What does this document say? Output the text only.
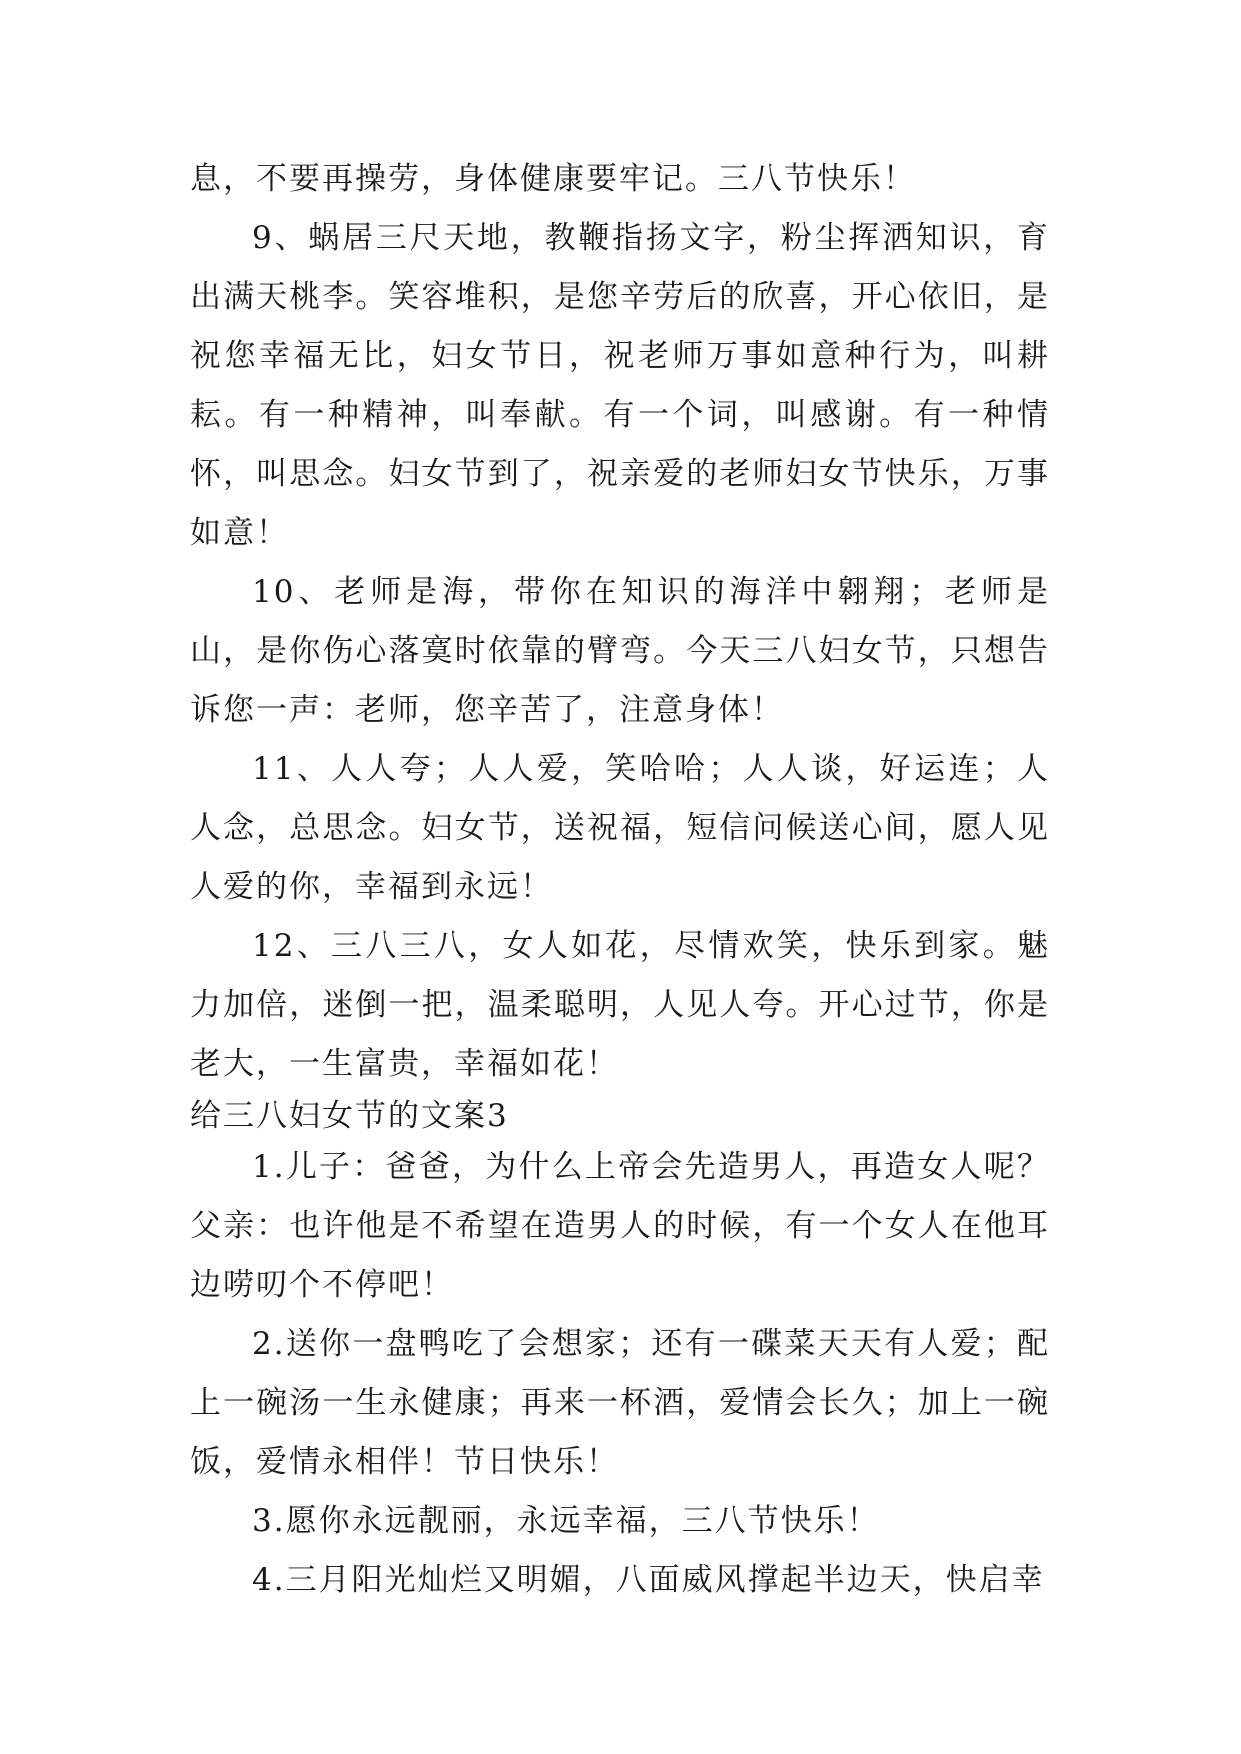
息，不要再操劳，身体健康要牢记。三八节快乐！

9、蜗居三尺天地，教鞭指扬文字，粉尘挥洒知识，育出满天桃李。笑容堆积，是您辛劳后的欣喜，开心依旧，是祝您幸福无比，妇女节日，祝老师万事如意种行为，叫耕耘。有一种精神，叫奉献。有一个词，叫感谢。有一种情怀，叫思念。妇女节到了，祝亲爱的老师妇女节快乐，万事如意！

10、老师是海，带你在知识的海洋中翱翔；老师是山，是你伤心落寞时依靠的臂弯。今天三八妇女节，只想告诉您一声：老师，您辛苦了，注意身体！

11、人人夸；人人爱，笑哈哈；人人谈，好运连；人人念，总思念。妇女节，送祝福，短信问候送心间，愿人见人爱的你，幸福到永远！

12、三八三八，女人如花，尽情欢笑，快乐到家。魅力加倍，迷倒一把，温柔聪明，人见人夸。开心过节，你是老大，一生富贵，幸福如花！

给三八妇女节的文案3

1.儿子：爸爸，为什么上帝会先造男人，再造女人呢？父亲：也许他是不希望在造男人的时候，有一个女人在他耳边唠叨个不停吧！

2.送你一盘鸭吃了会想家；还有一碟菜天天有人爱；配上一碗汤一生永健康；再来一杯酒，爱情会长久；加上一碗饭，爱情永相伴！节日快乐！

3.愿你永远靓丽，永远幸福，三八节快乐！

4.三月阳光灿烂又明媚，八面威风撑起半边天，快启幸
